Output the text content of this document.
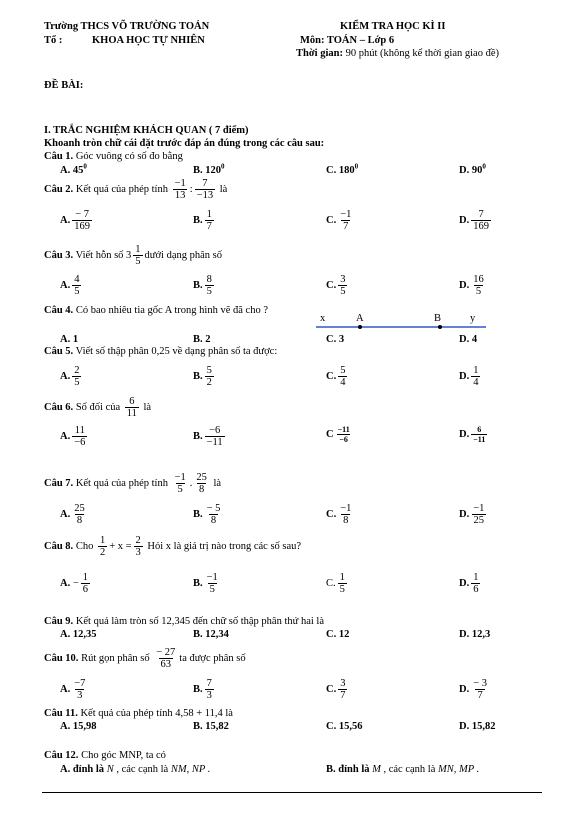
Trường THCS VÕ TRƯỜNG TOẢN
Tổ :	KHOA HỌC TỰ NHIÊN
KIỂM TRA HỌC KÌ II
Môn: TOÁN – Lớp 6
Thời gian: 90 phút (không kể thời gian giao đề)
ĐỀ BÀI:
I. TRẮC NGHIỆM KHÁCH QUAN ( 7 điểm)
Khoanh tròn chữ cái đặt trước đáp án đúng trong các câu sau:
Câu 1. Góc vuông có số đo bằng
A. $45^0$	B. $120^0$	C. $180^0$	D. $90^0$
Câu 2. Kết quả của phép tính $\frac{-1}{13}$ : $\frac{7}{-13}$ là
A. $\frac{- 7}{169}$	B. $\frac{1}{7}$	C. $\frac{-1}{7}$	D. $\frac{7}{169}$
Câu 3. Viết hỗn số $3 \frac{1}{5}$ dưới dạng phân số
A. $\frac{4}{5}$	B. $\frac{8}{5}$	C. $\frac{3}{5}$	D. $\frac{16}{5}$
Câu 4. Có bao nhiêu tia gốc A trong hình vẽ đã cho ?
x	A	B	y
A. 1	B. 2	C. 3	D. 4
Câu 5. Viết số thập phân 0,25 về dạng phân số ta được:
A. $\frac{2}{5}$	B. $\frac{5}{2}$	C. $\frac{5}{4}$	D. $\frac{1}{4}$
Câu 6. Số đối của $\frac{6}{11}$ là
A. $\frac{11}{-6}$	B. $\frac{-6}{-11}$	C $\frac{-11}{-6}$	D. $\frac{6}{-11}$
Câu 7. Kết quả của phép tính $\frac{-1}{5}$ . $\frac{25}{8}$ là
A. $\frac{25}{8}$	B. $\frac{- 5}{8}$	C. $\frac{-1}{8}$	D. $\frac{-1}{25}$
Câu 8. Cho $\frac{1}{2} + x = \frac{2}{3}$ Hỏi x là giá trị nào trong các số sau?
A. − $\frac{1}{6}$	B. $\frac{-1}{5}$	C. $\frac{1}{5}$	D. $\frac{1}{6}$
Câu 9. Kết quả làm tròn số 12,345 đến chữ số thập phân thứ hai là
A. 12,35	B. 12,34	C. 12	D. 12,3
Câu 10. Rút gọn phân số $\frac{- 27}{63}$ ta được phân số
A. $\frac{-7}{3}$	B. $\frac{7}{3}$	C. $\frac{3}{7}$	D. $\frac{- 3}{7}$
Câu 11. Kết quả của phép tính 4,58 + 11,4 là
A. 15,98	B. 15,82	C. 15,56	D. 15,82
Câu 12. Cho góc MNP, ta có
A. đỉnh là N , các cạnh là NM, NP .	B. đỉnh là M , các cạnh là MN, MP .
